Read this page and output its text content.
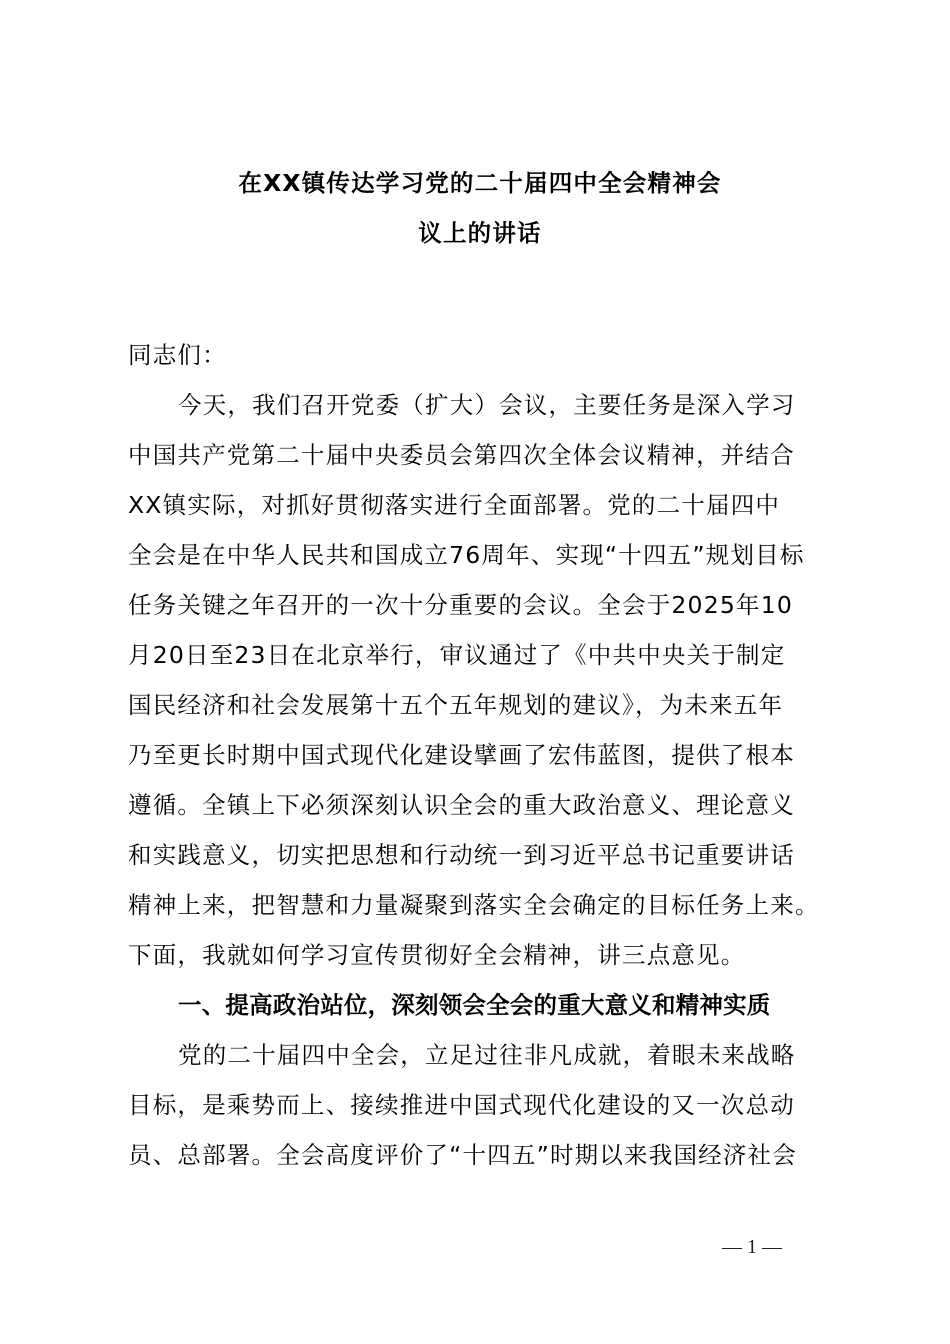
在XX镇传达学习党的二十届四中全会精神会
议上的讲话
同志们：
今天，我们召开党委（扩大）会议，主要任务是深入学习
中国共产党第二十届中央委员会第四次全体会议精神，并结合
XX镇实际，对抓好贯彻落实进行全面部署。党的二十届四中
全会是在中华人民共和国成立76周年、实现“十四五”规划目标
任务关键之年召开的一次十分重要的会议。全会于2025年10
月20日至23日在北京举行，审议通过了《中共中央关于制定
国民经济和社会发展第十五个五年规划的建议》，为未来五年
乃至更长时期中国式现代化建设擘画了宏伟蓝图，提供了根本
遵循。全镇上下必须深刻认识全会的重大政治意义、理论意义
和实践意义，切实把思想和行动统一到习近平总书记重要讲话
精神上来，把智慧和力量凝聚到落实全会确定的目标任务上来。
下面，我就如何学习宣传贯彻好全会精神，讲三点意见。
一、提高政治站位，深刻领会全会的重大意义和精神实质
党的二十届四中全会，立足过往非凡成就，着眼未来战略
目标，是乘势而上、接续推进中国式现代化建设的又一次总动
员、总部署。全会高度评价了“十四五”时期以来我国经济社会
— 1 —
